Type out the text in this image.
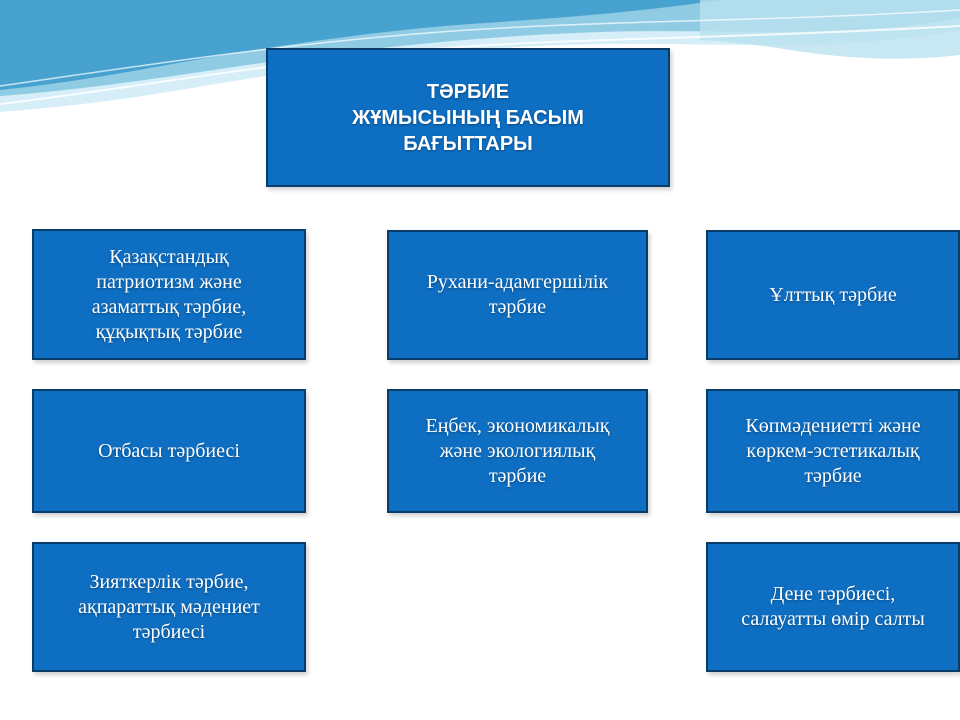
ТӘРБИЕ
ЖҰМЫСЫНЫҢ БАСЫМ
БАҒЫТТАРЫ
Қазақстандық
патриотизм және
азаматтық тәрбие,
құқықтық тәрбие
Рухани-адамгершілік
тәрбие
Ұлттық тәрбие
Отбасы тәрбиесі
Еңбек, экономикалық
және экологиялық
тәрбие
Көпмәдениетті және
көркем-эстетикалық
тәрбие
Зияткерлік тәрбие,
ақпараттық мәдениет
тәрбиесі
Дене тәрбиесі,
салауатты өмір салты
